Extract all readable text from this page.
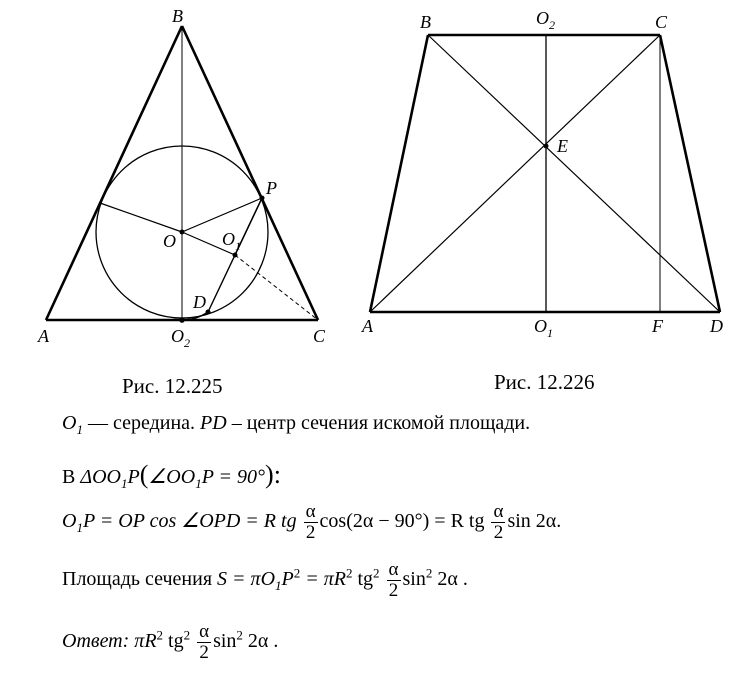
B
A	C
P
O	O 1
D
O 2
B	C
O 2
E
A	O 1	F	D
Рис. 12.225	Рис. 12.226
$O_1$ — середина. PD – центр сечения искомой площади.
В $\Delta OO_1P(\angle OO_1P = 90^\circ)$:
$O_1P$ = OP cos ∠OPD = R tg $\frac{\alpha}{2} \cos(2\alpha - 90^\circ) = R$ tg $\frac{\alpha}{2}$ sin 2α.
Площадь сечения $S = \pi O_1P^2 = \pi R^2$ $tg^2 \frac{\alpha}{2} \sin^2 2\alpha$ .
Ответ: $\pi R^2$ $tg^2 \frac{\alpha}{2} \sin^2 2\alpha$ .
